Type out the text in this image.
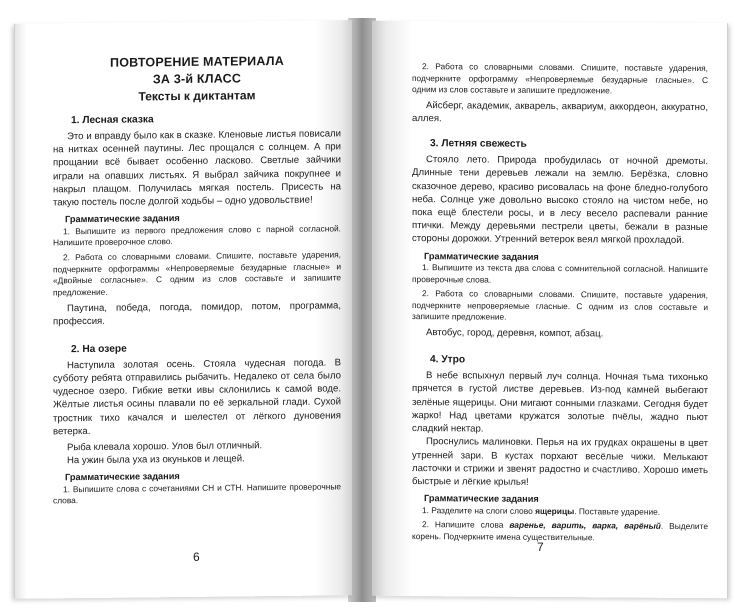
ПОВТОРЕНИЕ МАТЕРИАЛА

ЗА 3-й КЛАСС

Тексты к диктантам

1. Лесная сказка

Это и вправду было как в сказке. Кленовые листья повисали на нитках осенней паутины. Лес прощался с солнцем. А при прощании всё бывает особенно ласково. Светлые зайчики играли на опавших листьях. Я выбрал зайчика покрупнее и накрыл плащом. Получилась мягкая постель. Присесть на такую постель после долгой ходьбы – одно удовольствие!

Грамматические задания

1. Выпишите из первого предложения слово с парной согласной. Напишите проверочное слово.

2. Работа со словарными словами. Спишите, поставьте ударения, подчеркните орфограммы «Непроверяемые безударные гласные» и «Двойные согласные». С одним из слов составьте и запишите предложение.

Паутина, победа, погода, помидор, потом, программа, профессия.

2. На озере

Наступила золотая осень. Стояла чудесная погода. В субботу ребята отправились рыбачить. Недалеко от села было чудесное озеро. Гибкие ветки ивы склонились к самой воде. Жёлтые листья осины плавали по её зеркальной глади. Сухой тростник тихо качался и шелестел от лёгкого дуновения ветерка.

Рыба клевала хорошо. Улов был отличный.

На ужин была уха из окуньков и лещей.

Грамматические задания

1. Выпишите слова с сочетаниями СН и СТН. Напишите проверочные слова.

6

2. Работа со словарными словами. Спишите, поставьте ударения, подчеркните орфограмму «Непроверяемые безударные гласные». С одним из слов составьте и запишите предложение.

Айсберг, академик, акварель, аквариум, аккордеон, аккуратно, аллея.

3. Летняя свежесть

Стояло лето. Природа пробудилась от ночной дремоты. Длинные тени деревьев лежали на землю. Берёзка, словно сказочное дерево, красиво рисовалась на фоне бледно-голубого неба. Солнце уже довольно высоко стояло на чистом небе, но пока ещё блестели росы, и в лесу весело распевали ранние птички. Между деревьями пестрели цветы, бежали в разные стороны дорожки. Утренний ветерок веял мягкой прохладой.

Грамматические задания

1. Выпишите из текста два слова с сомнительной согласной. Напишите проверочные слова.

2. Работа со словарными словами. Спишите, поставьте ударения, подчеркните непроверяемые гласные. С одним из слов составьте и запишите предложение.

Автобус, город, деревня, компот, абзац.

4. Утро

В небе вспыхнул первый луч солнца. Ночная тьма тихонько прячется в густой листве деревьев. Из-под камней выбегают зелёные ящерицы. Они мигают сонными глазками. Сегодня будет жарко! Над цветами кружатся золотые пчёлы, жадно пьют сладкий нектар.

Проснулись малиновки. Перья на их грудках окрашены в цвет утренней зари. В кустах порхают весёлые чижи. Мелькают ласточки и стрижи и звенят радостно и счастливо. Хорошо иметь быстрые и лёгкие крылья!

Грамматические задания

1. Разделите на слоги слово ящерицы. Поставьте ударение.

2. Напишите слова варенье, варить, варка, варёный. Выделите корень. Подчеркните имена существительные.

7
